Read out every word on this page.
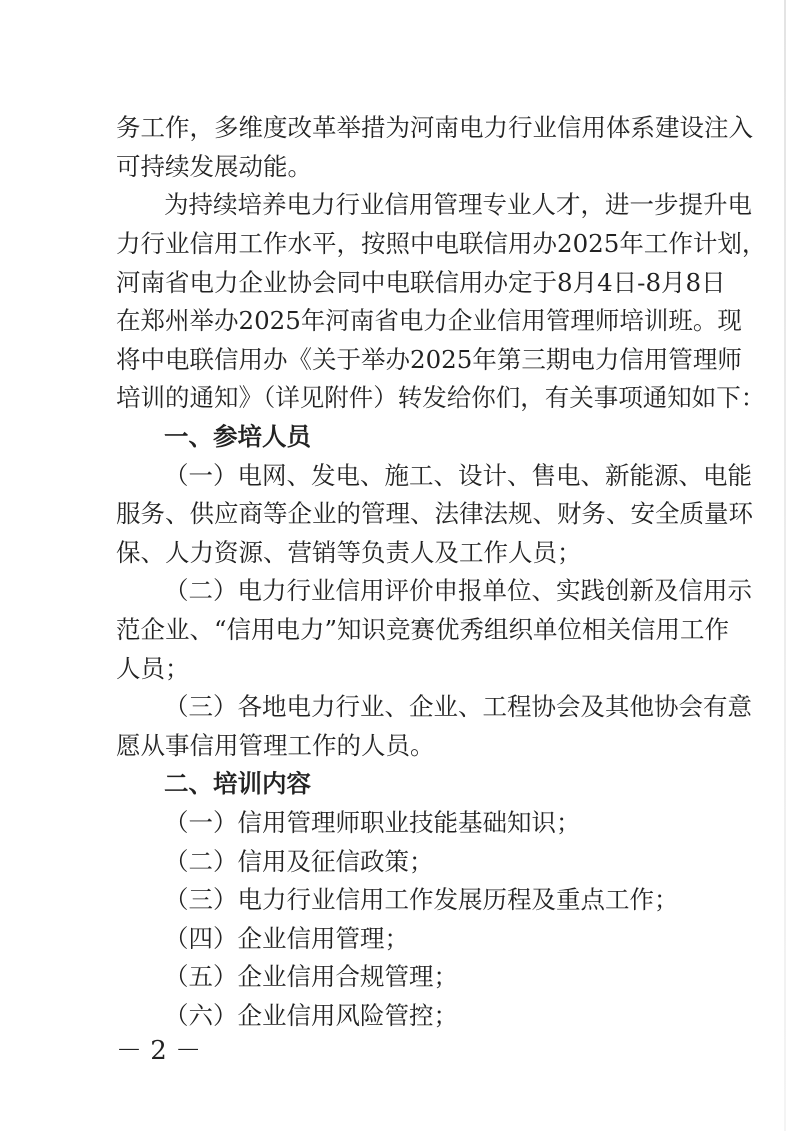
务工作，多维度改革举措为河南电力行业信用体系建设注入
可持续发展动能。
为持续培养电力行业信用管理专业人才，进一步提升电
力行业信用工作水平，按照中电联信用办2025年工作计划，
河南省电力企业协会同中电联信用办定于8月4日-8月8日
在郑州举办2025年河南省电力企业信用管理师培训班。现
将中电联信用办《关于举办2025年第三期电力信用管理师
培训的通知》（详见附件）转发给你们，有关事项通知如下：
一、参培人员
（一）电网、发电、施工、设计、售电、新能源、电能
服务、供应商等企业的管理、法律法规、财务、安全质量环
保、人力资源、营销等负责人及工作人员；
（二）电力行业信用评价申报单位、实践创新及信用示
范企业、“信用电力”知识竞赛优秀组织单位相关信用工作
人员；
（三）各地电力行业、企业、工程协会及其他协会有意
愿从事信用管理工作的人员。
二、培训内容
（一）信用管理师职业技能基础知识；
（二）信用及征信政策；
（三）电力行业信用工作发展历程及重点工作；
（四）企业信用管理；
（五）企业信用合规管理；
（六）企业信用风险管控；
－ 2 －
